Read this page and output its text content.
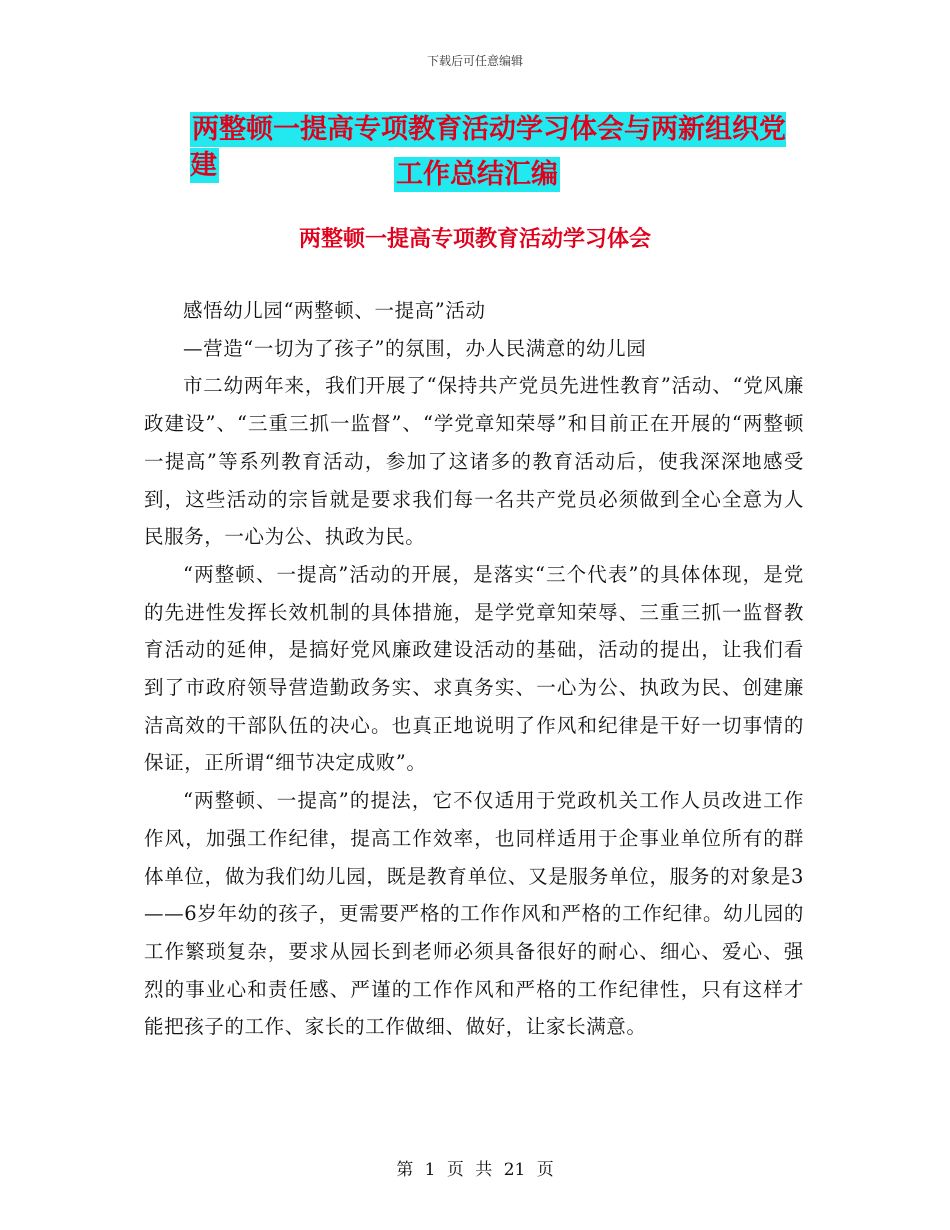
下载后可任意编辑
两整顿一提高专项教育活动学习体会与两新组织党建	工作总结汇编
两整顿一提高专项教育活动学习体会

感悟幼儿园“两整顿、一提高”活动

—营造“一切为了孩子”的氛围，办人民满意的幼儿园

市二幼两年来，我们开展了“保持共产党员先进性教育”活动、“党风廉政建设”、“三重三抓一监督”、“学党章知荣辱”和目前正在开展的“两整顿一提高”等系列教育活动，参加了这诸多的教育活动后，使我深深地感受到，这些活动的宗旨就是要求我们每一名共产党员必须做到全心全意为人民服务，一心为公、执政为民。

“两整顿、一提高”活动的开展，是落实“三个代表”的具体体现，是党的先进性发挥长效机制的具体措施，是学党章知荣辱、三重三抓一监督教育活动的延伸，是搞好党风廉政建设活动的基础，活动的提出，让我们看到了市政府领导营造勤政务实、求真务实、一心为公、执政为民、创建廉洁高效的干部队伍的决心。也真正地说明了作风和纪律是干好一切事情的保证，正所谓“细节决定成败”。

“两整顿、一提高”的提法，它不仅适用于党政机关工作人员改进工作作风，加强工作纪律，提高工作效率，也同样适用于企事业单位所有的群体单位，做为我们幼儿园，既是教育单位、又是服务单位，服务的对象是3——6岁年幼的孩子，更需要严格的工作作风和严格的工作纪律。幼儿园的工作繁琐复杂，要求从园长到老师必须具备很好的耐心、细心、爱心、强烈的事业心和责任感、严谨的工作作风和严格的工作纪律性，只有这样才能把孩子的工作、家长的工作做细、做好，让家长满意。

第 1 页 共 21 页
